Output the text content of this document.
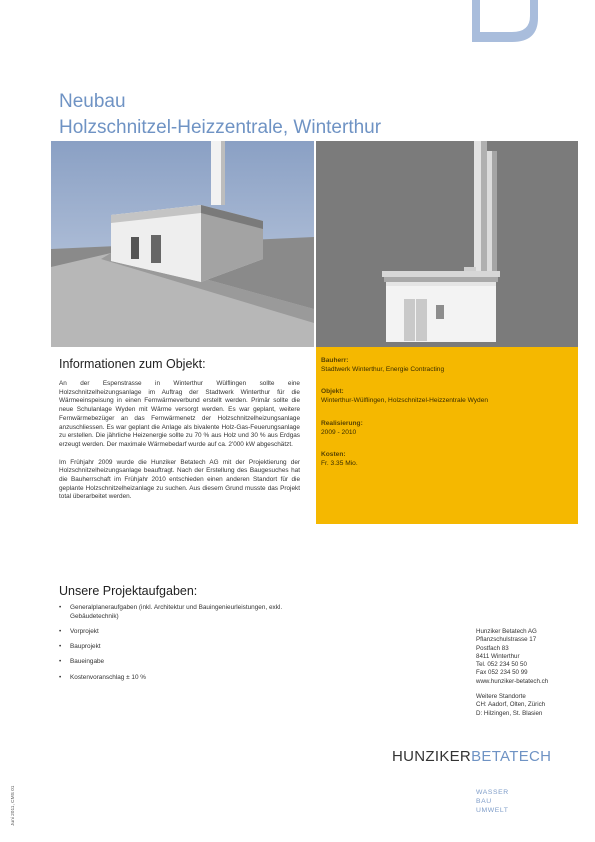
Neubau
Holzschnitzel-Heizzentrale, Winterthur
Informationen zum Objekt:

An der Espenstrasse in Winterthur Wülflingen sollte eine Holzschnitzelheizungsanlage im Auftrag der Stadtwerk Winterthur für die Wärmeeinspeisung in einen Fernwärmeverbund erstellt werden. Primär sollte die neue Schulanlage Wyden mit Wärme versorgt werden. Es war geplant, weitere Fernwärmebezüger an das Fernwärmenetz der Holzschnitzelheizungsanlage anzuschliessen. Es war geplant die Anlage als bivalente Holz-Gas-Feuerungsanlage zu erstellen. Die jährliche Heizenergie sollte zu 70 % aus Holz und 30 % aus Erdgas erzeugt werden. Der maximale Wärmebedarf wurde auf ca. 2'000 kW abgeschätzt.

Im Frühjahr 2009 wurde die Hunziker Betatech AG mit der Projektierung der Holzschnitzelheizungsanlage beauftragt. Nach der Erstellung des Baugesuches hat die Bauherrschaft im Frühjahr 2010 entschieden einen anderen Standort für die geplante Holzschnitzelheizanlage zu suchen. Aus diesem Grund musste das Projekt total überarbeitet werden.

Bauherr:
Stadtwerk Winterthur, Energie Contracting
Objekt:
Winterthur-Wülflingen, Holzschnitzel-Heizzentrale Wyden
Realisierung:
2009 - 2010
Kosten:
Fr. 3.35 Mio.
Unsere Projektaufgaben:
• Generalplaneraufgaben (inkl. Architektur und Bauingenieurleistungen, exkl. Gebäudetechnik)
• Vorprojekt
• Bauprojekt
• Baueingabe
• Kostenvoranschlag ± 10 %
Hunziker Betatech AG
Pflanzschulstrasse 17
Postfach 83
8411 Winterthur
Tel. 052 234 50 50
Fax 052 234 50 99
www.hunziker-betatech.ch
Weitere Standorte
CH: Aadorf, Olten, Zürich
D: Hilzingen, St. Blasien
HUNZIKERBETATECH
WASSER
BAU
UMWELT
Juni 2011, CMS 01
